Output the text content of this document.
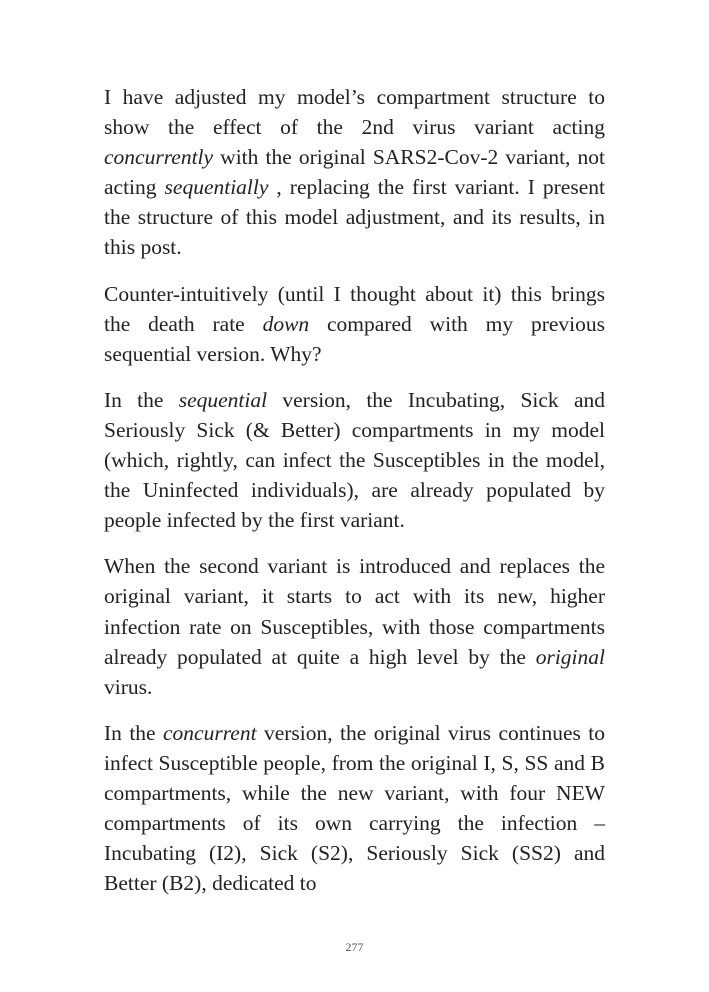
I have adjusted my model’s compartment structure to show the effect of the 2nd virus variant acting concurrently with the original SARS2-Cov-2 variant, not acting sequentially , replacing the first variant. I present the structure of this model adjustment, and its results, in this post.

Counter-intuitively (until I thought about it) this brings the death rate down compared with my previous sequential version. Why?

In the sequential version, the Incubating, Sick and Seriously Sick (& Better) compartments in my model (which, rightly, can infect the Susceptibles in the model, the Uninfected individuals), are already populated by people infected by the first variant.

When the second variant is introduced and replaces the original variant, it starts to act with its new, higher infection rate on Susceptibles, with those compartments already populated at quite a high level by the original virus.

In the concurrent version, the original virus continues to infect Susceptible people, from the original I, S, SS and B compartments, while the new variant, with four NEW compartments of its own carrying the infection – Incubating (I2), Sick (S2), Seriously Sick (SS2) and Better (B2), dedicated to

277
